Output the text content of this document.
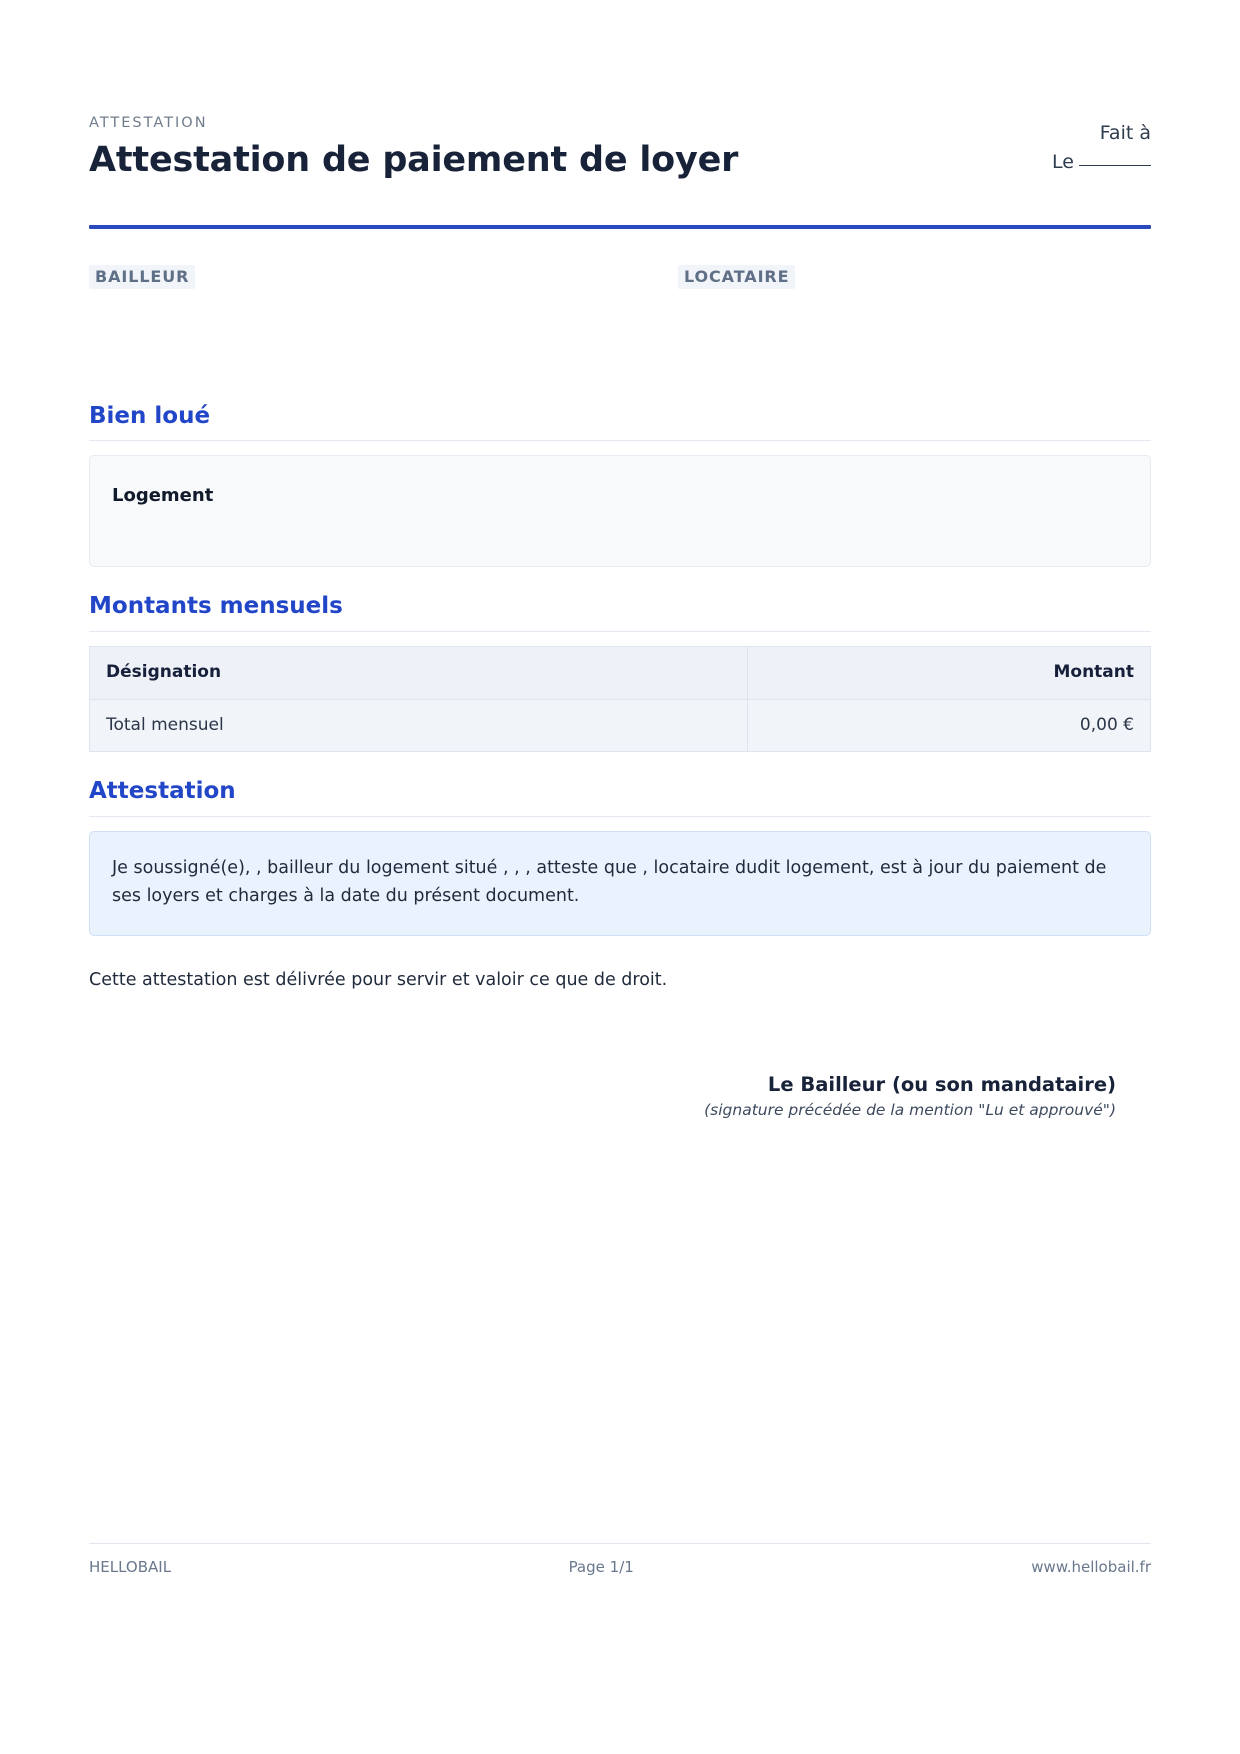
ATTESTATION
Attestation de paiement de loyer
Fait à
Le
BAILLEUR	LOCATAIRE
Bien loué
Logement
Montants mensuels
Désignation	Montant
Total mensuel	0,00 €
Attestation

Je soussigné(e), , bailleur du logement situé , , , atteste que , locataire dudit logement, est à jour du paiement de ses loyers et charges à la date du présent document.

Cette attestation est délivrée pour servir et valoir ce que de droit.
Le Bailleur (ou son mandataire)
(signature précédée de la mention "Lu et approuvé")
HELLOBAIL	Page 1/1	www.hellobail.fr
